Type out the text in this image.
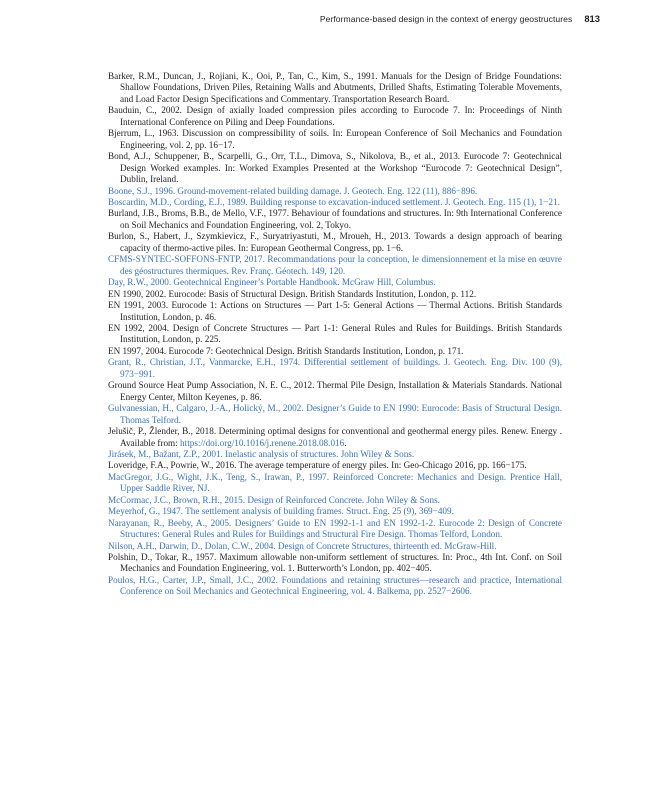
Performance-based design in the context of energy geostructures 813
Barker, R.M., Duncan, J., Rojiani, K., Ooi, P., Tan, C., Kim, S., 1991. Manuals for the Design of Bridge Foundations: Shallow Foundations, Driven Piles, Retaining Walls and Abutments, Drilled Shafts, Estimating Tolerable Movements, and Load Factor Design Specifications and Commentary. Transportation Research Board.
Bauduin, C., 2002. Design of axially loaded compression piles according to Eurocode 7. In: Proceedings of Ninth International Conference on Piling and Deep Foundations.
Bjerrum, L., 1963. Discussion on compressibility of soils. In: European Conference of Soil Mechanics and Foundation Engineering, vol. 2, pp. 16−17.
Bond, A.J., Schuppener, B., Scarpelli, G., Orr, T.L., Dimova, S., Nikolova, B., et al., 2013. Eurocode 7: Geotechnical Design Worked examples. In: Worked Examples Presented at the Workshop “Eurocode 7: Geotechnical Design”, Dublin, Ireland.
Boone, S.J., 1996. Ground-movement-related building damage. J. Geotech. Eng. 122 (11), 886−896.
Boscardin, M.D., Cording, E.J., 1989. Building response to excavation-induced settlement. J. Geotech. Eng. 115 (1), 1−21.
Burland, J.B., Broms, B.B., de Mello, V.F., 1977. Behaviour of foundations and structures. In: 9th International Conference on Soil Mechanics and Foundation Engineering, vol. 2, Tokyo.
Burlon, S., Habert, J., Szymkievicz, F., Suryatriyastuti, M., Mroueh, H., 2013. Towards a design approach of bearing capacity of thermo-active piles. In: European Geothermal Congress, pp. 1−6.
CFMS-SYNTEC-SOFFONS-FNTP, 2017. Recommandations pour la conception, le dimensionnement et la mise en œuvre des géostructures thermiques. Rev. Franç. Géotech. 149, 120.
Day, R.W., 2000. Geotechnical Engineer’s Portable Handbook. McGraw Hill, Columbus.
EN 1990, 2002. Eurocode: Basis of Structural Design. British Standards Institution, London, p. 112.
EN 1991, 2003. Eurocode 1: Actions on Structures — Part 1-5: General Actions — Thermal Actions. British Standards Institution, London, p. 46.
EN 1992, 2004. Design of Concrete Structures — Part 1-1: General Rules and Rules for Buildings. British Standards Institution, London, p. 225.
EN 1997, 2004. Eurocode 7: Geotechnical Design. British Standards Institution, London, p. 171.
Grant, R., Christian, J.T., Vanmarcke, E.H., 1974. Differential settlement of buildings. J. Geotech. Eng. Div. 100 (9), 973−991.
Ground Source Heat Pump Association, N. E. C., 2012. Thermal Pile Design, Installation & Materials Standards. National Energy Center, Milton Keyenes, p. 86.
Gulvanessian, H., Calgaro, J.-A., Holický, M., 2002. Designer’s Guide to EN 1990: Eurocode: Basis of Structural Design. Thomas Telford.
Jelušič, P., Žlender, B., 2018. Determining optimal designs for conventional and geothermal energy piles. Renew. Energy . Available from: https://doi.org/10.1016/j.renene.2018.08.016.
Jirásek, M., Bažant, Z.P., 2001. Inelastic analysis of structures. John Wiley & Sons.
Loveridge, F.A., Powrie, W., 2016. The average temperature of energy piles. In: Geo-Chicago 2016, pp. 166−175.
MacGregor, J.G., Wight, J.K., Teng, S., Irawan, P., 1997. Reinforced Concrete: Mechanics and Design. Prentice Hall, Upper Saddle River, NJ.
McCormac, J.C., Brown, R.H., 2015. Design of Reinforced Concrete. John Wiley & Sons.
Meyerhof, G., 1947. The settlement analysis of building frames. Struct. Eng. 25 (9), 369−409.
Narayanan, R., Beeby, A., 2005. Designers’ Guide to EN 1992-1-1 and EN 1992-1-2. Eurocode 2: Design of Concrete Structures: General Rules and Rules for Buildings and Structural Fire Design. Thomas Telford, London.
Nilson, A.H., Darwin, D., Dolan, C.W., 2004. Design of Concrete Structures, thirteenth ed. McGraw-Hill.
Polshin, D., Tokar, R., 1957. Maximum allowable non-uniform settlement of structures. In: Proc., 4th Int. Conf. on Soil Mechanics and Foundation Engineering, vol. 1. Butterworth’s London, pp. 402−405.
Poulos, H.G., Carter, J.P., Small, J.C., 2002. Foundations and retaining structures—research and practice, International Conference on Soil Mechanics and Geotechnical Engineering, vol. 4. Balkema, pp. 2527−2606.
